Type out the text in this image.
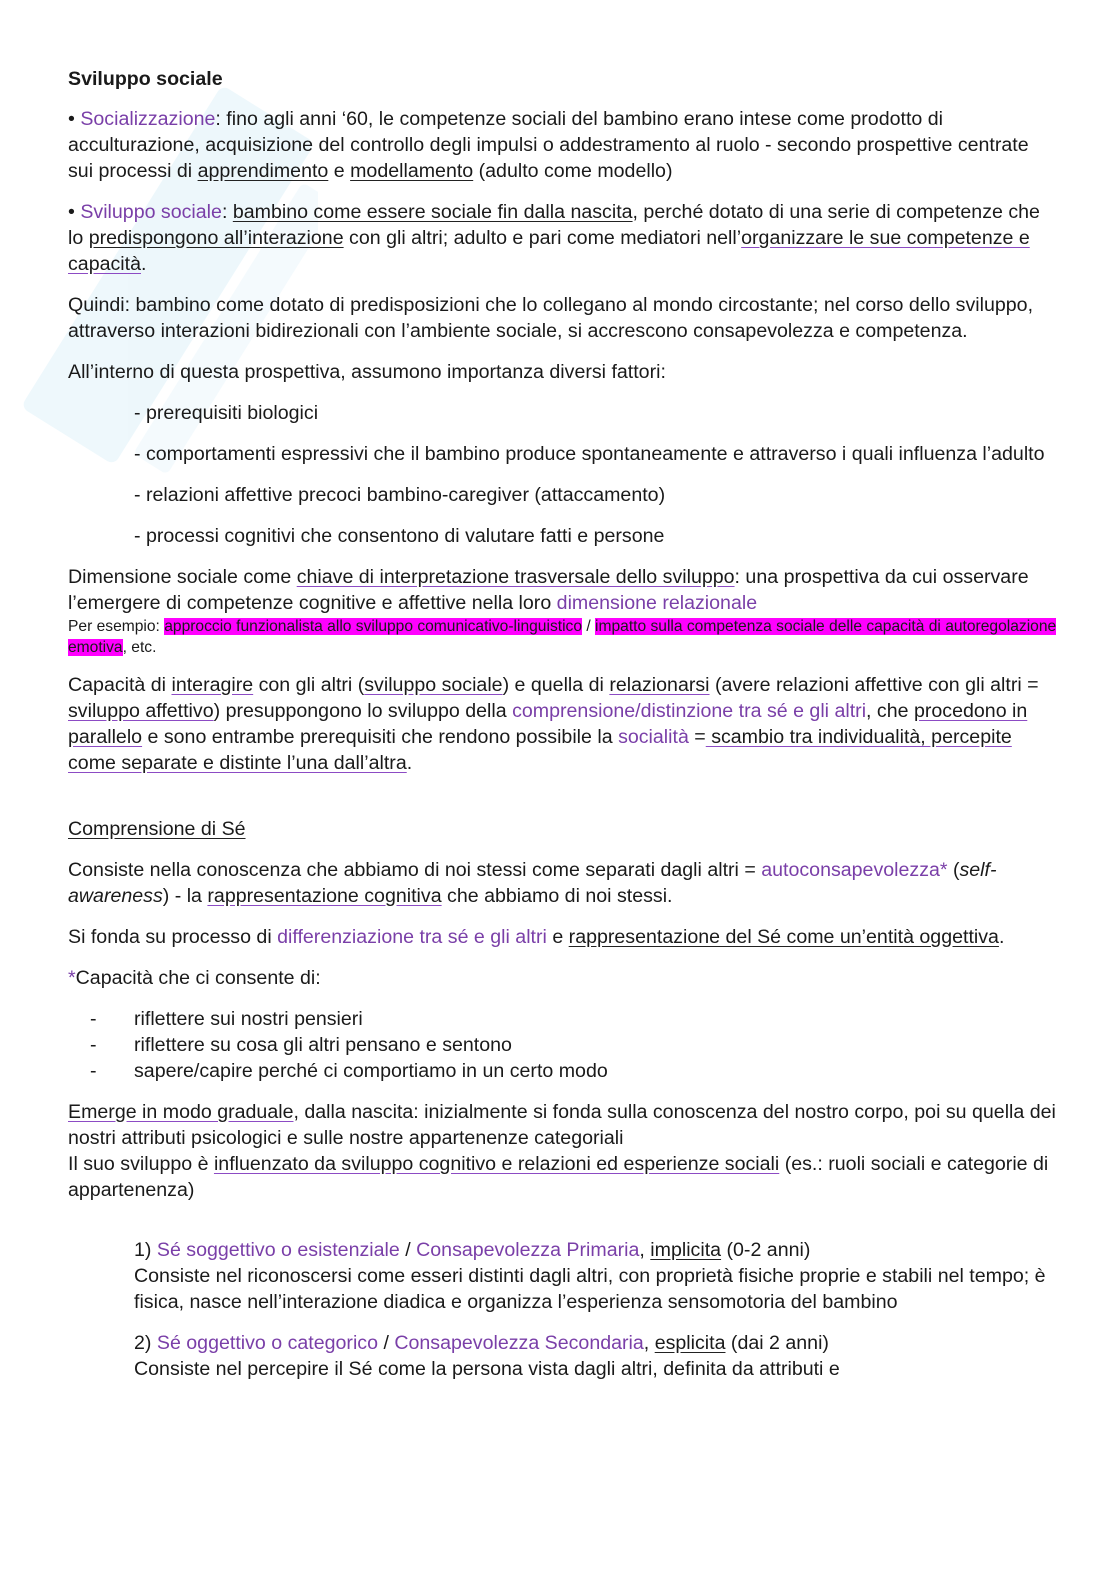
Sviluppo sociale

• Socializzazione: fino agli anni ‘60, le competenze sociali del bambino erano intese come prodotto di acculturazione, acquisizione del controllo degli impulsi o addestramento al ruolo - secondo prospettive centrate sui processi di apprendimento e modellamento (adulto come modello)

• Sviluppo sociale: bambino come essere sociale fin dalla nascita, perché dotato di una serie di competenze che lo predispongono all’interazione con gli altri; adulto e pari come mediatori nell’organizzare le sue competenze e capacità.

Quindi: bambino come dotato di predisposizioni che lo collegano al mondo circostante; nel corso dello sviluppo, attraverso interazioni bidirezionali con l’ambiente sociale, si accrescono consapevolezza e competenza.

All’interno di questa prospettiva, assumono importanza diversi fattori:

- prerequisiti biologici

- comportamenti espressivi che il bambino produce spontaneamente e attraverso i quali influenza l’adulto

- relazioni affettive precoci bambino-caregiver (attaccamento)

- processi cognitivi che consentono di valutare fatti e persone

Dimensione sociale come chiave di interpretazione trasversale dello sviluppo: una prospettiva da cui osservare l’emergere di competenze cognitive e affettive nella loro dimensione relazionale

Per esempio: approccio funzionalista allo sviluppo comunicativo-linguistico / impatto sulla competenza sociale delle capacità di autoregolazione emotiva, etc.

Capacità di interagire con gli altri (sviluppo sociale) e quella di relazionarsi (avere relazioni affettive con gli altri = sviluppo affettivo) presuppongono lo sviluppo della comprensione/distinzione tra sé e gli altri, che procedono in parallelo e sono entrambe prerequisiti che rendono possibile la socialità = scambio tra individualità, percepite come separate e distinte l’una dall’altra.

Comprensione di Sé

Consiste nella conoscenza che abbiamo di noi stessi come separati dagli altri = autoconsapevolezza* (self-awareness) - la rappresentazione cognitiva che abbiamo di noi stessi.

Si fonda su processo di differenziazione tra sé e gli altri e rappresentazione del Sé come un’entità oggettiva.

*Capacità che ci consente di:

- riflettere sui nostri pensieri
- riflettere su cosa gli altri pensano e sentono
- sapere/capire perché ci comportiamo in un certo modo

Emerge in modo graduale, dalla nascita: inizialmente si fonda sulla conoscenza del nostro corpo, poi su quella dei nostri attributi psicologici e sulle nostre appartenenze categoriali
Il suo sviluppo è influenzato da sviluppo cognitivo e relazioni ed esperienze sociali (es.: ruoli sociali e categorie di appartenenza)

1) Sé soggettivo o esistenziale / Consapevolezza Primaria, implicita (0-2 anni)
Consiste nel riconoscersi come esseri distinti dagli altri, con proprietà fisiche proprie e stabili nel tempo; è fisica, nasce nell’interazione diadica e organizza l’esperienza sensomotoria del bambino

2) Sé oggettivo o categorico / Consapevolezza Secondaria, esplicita (dai 2 anni)
Consiste nel percepire il Sé come la persona vista dagli altri, definita da attributi e
